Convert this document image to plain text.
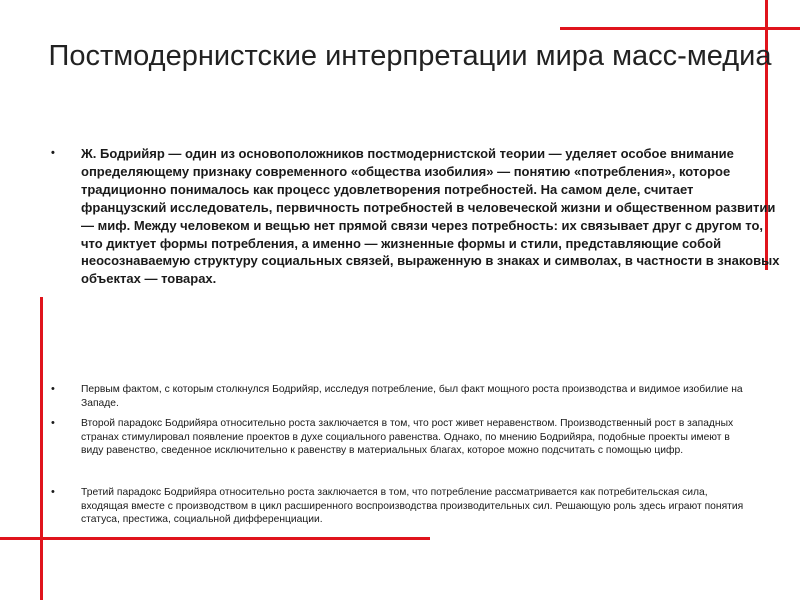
Постмодернистские интерпретации мира масс-медиа
• Ж. Бодрийяр — один из основоположников постмодернистской теории — уделяет особое внимание определяющему признаку современного «общества изобилия» — понятию «потребления», которое традиционно понималось как процесс удовлетворения потребностей. На самом деле, считает французский исследователь, первичность потребностей в человеческой жизни и общественном развитии — миф. Между человеком и вещью нет прямой связи через потребность: их связывает друг с другом то, что диктует формы потребления, а именно — жизненные формы и стили, представляющие собой неосознаваемую структуру социальных связей, выраженную в знаках и символах, в частности в знаковых объектах — товарах.
•	Первым фактом, с которым столкнулся Бодрийяр, исследуя потребление, был факт мощного роста производства и видимое изобилие на Западе.
•	Второй парадокс Бодрийяра относительно роста заключается в том, что рост живет неравенством. Производственный рост в западных странах стимулировал появление проектов в духе социального равенства. Однако, по мнению Бодрийяра, подобные проекты имеют в виду равенство, сведенное исключительно к равенству в материальных благах, которое можно подсчитать с помощью цифр.
•	Третий парадокс Бодрийяра относительно роста заключается в том, что потребление рассматривается как потребительская сила, входящая вместе с производством в цикл расширенного воспроизводства производительных сил. Решающую роль здесь играют понятия статуса, престижа, социальной дифференциации.
